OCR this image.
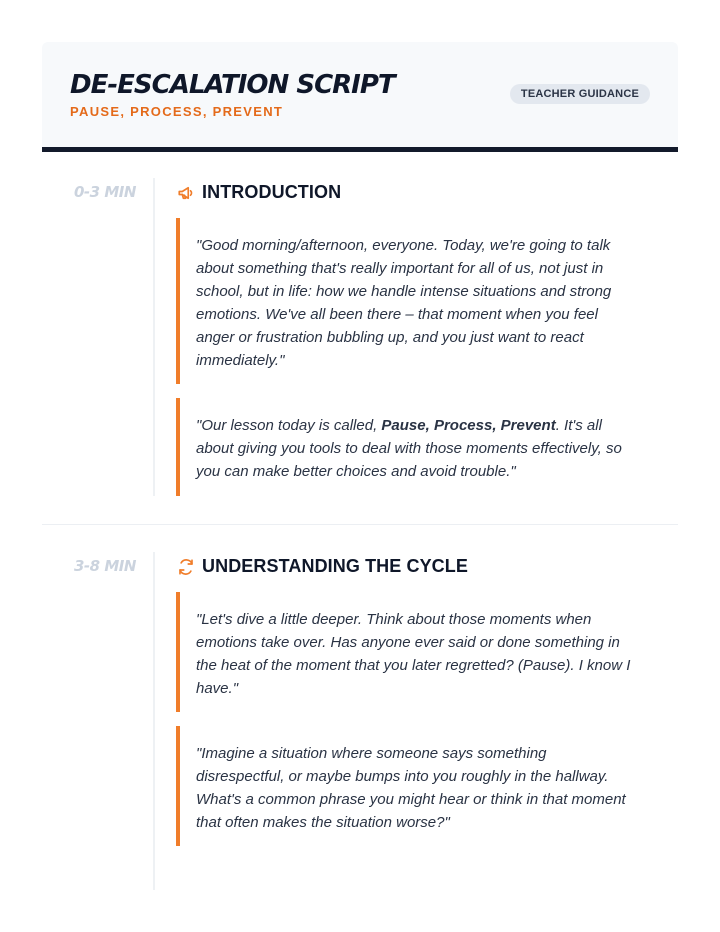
DE-ESCALATION SCRIPT
PAUSE, PROCESS, PREVENT
TEACHER GUIDANCE
0-3 MIN	INTRODUCTION
"Good morning/afternoon, everyone. Today, we're going to talk about something that's really important for all of us, not just in school, but in life: how we handle intense situations and strong emotions. We've all been there – that moment when you feel anger or frustration bubbling up, and you just want to react immediately."
"Our lesson today is called, Pause, Process, Prevent. It's all about giving you tools to deal with those moments effectively, so you can make better choices and avoid trouble."
3-8 MIN	UNDERSTANDING THE CYCLE
"Let's dive a little deeper. Think about those moments when emotions take over. Has anyone ever said or done something in the heat of the moment that you later regretted? (Pause). I know I have."
"Imagine a situation where someone says something disrespectful, or maybe bumps into you roughly in the hallway. What's a common phrase you might hear or think in that moment that often makes the situation worse?"
